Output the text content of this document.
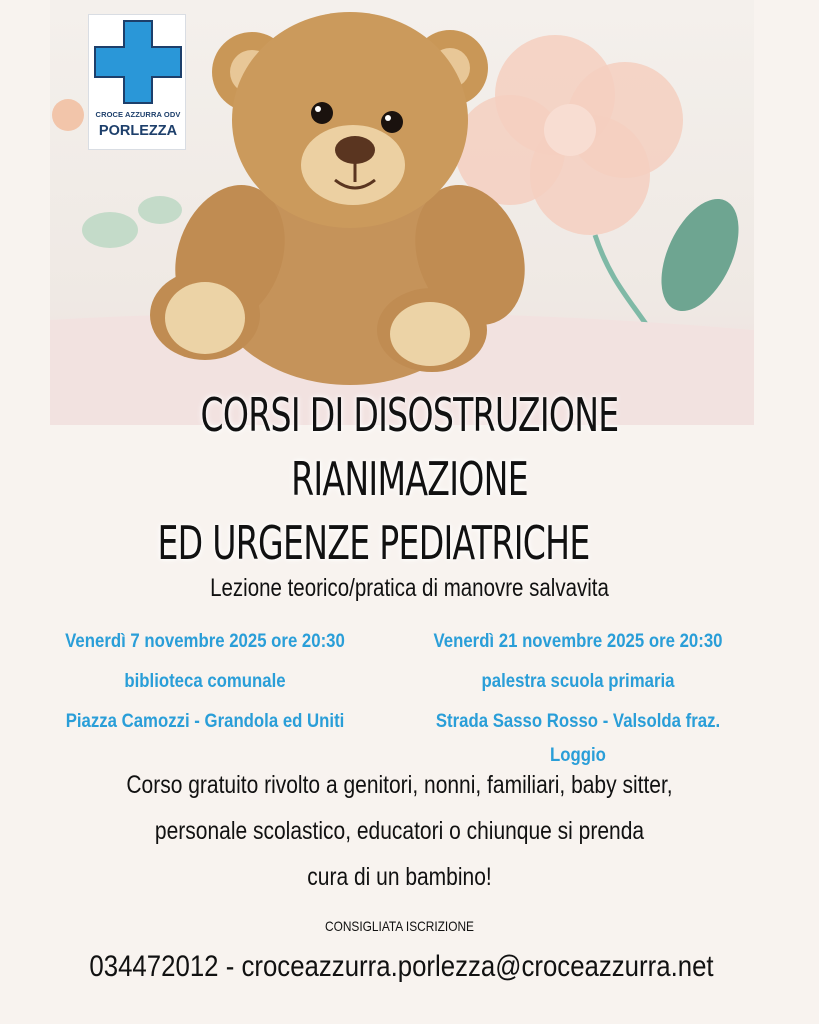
CROCE AZZURRA ODV
PORLEZZA
CORSI DI DISOSTRUZIONE
RIANIMAZIONE
ED URGENZE PEDIATRICHE
Lezione teorico/pratica di manovre salvavita
Venerdì 7 novembre 2025 ore 20:30
biblioteca comunale
Piazza Camozzi - Grandola ed Uniti
Venerdì 21 novembre 2025 ore 20:30
palestra scuola primaria
Strada Sasso Rosso - Valsolda fraz. Loggio
Corso gratuito rivolto a genitori, nonni, familiari, baby sitter,
personale scolastico, educatori o chiunque si prenda
cura di un bambino!
CONSIGLIATA ISCRIZIONE
034472012 - croceazzurra.porlezza@croceazzurra.net
